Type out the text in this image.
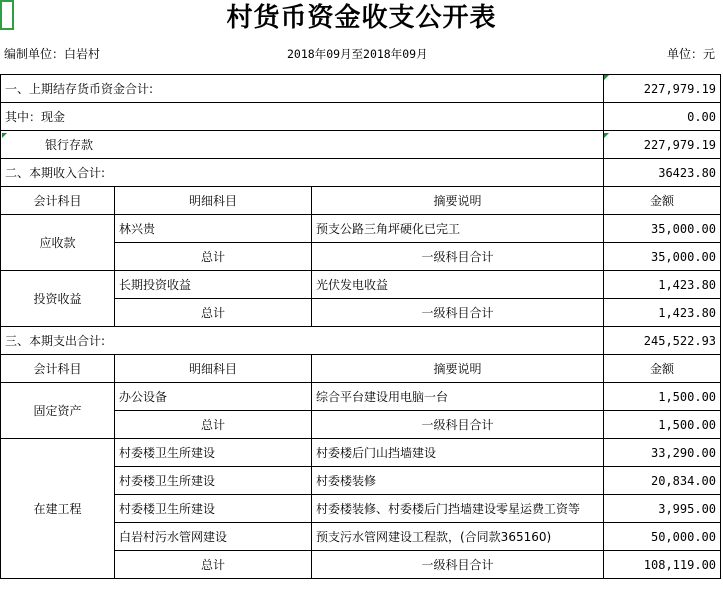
村货币资金收支公开表
编制单位：白岩村	2018年09月至2018年09月	单位：元
一、上期结存货币资金合计:			227,979.19
其中：现金			0.00
银行存款			227,979.19
二、本期收入合计:			36423.80
会计科目	明细科目	摘要说明	金额
应收款	林兴贵	预支公路三角坪硬化已完工	35,000.00
	总计	一级科目合计	35,000.00
投资收益	长期投资收益	光伏发电收益	1,423.80
	总计	一级科目合计	1,423.80
三、本期支出合计:			245,522.93
会计科目	明细科目	摘要说明	金额
固定资产	办公设备	综合平台建设用电脑一台	1,500.00
	总计	一级科目合计	1,500.00
在建工程	村委楼卫生所建设	村委楼后门山挡墙建设	33,290.00
	村委楼卫生所建设	村委楼装修	20,834.00
	村委楼卫生所建设	村委楼装修、村委楼后门挡墙建设零星运费工资等	3,995.00
	白岩村污水管网建设	预支污水管网建设工程款，(合同款365160)	50,000.00
	总计	一级科目合计	108,119.00
